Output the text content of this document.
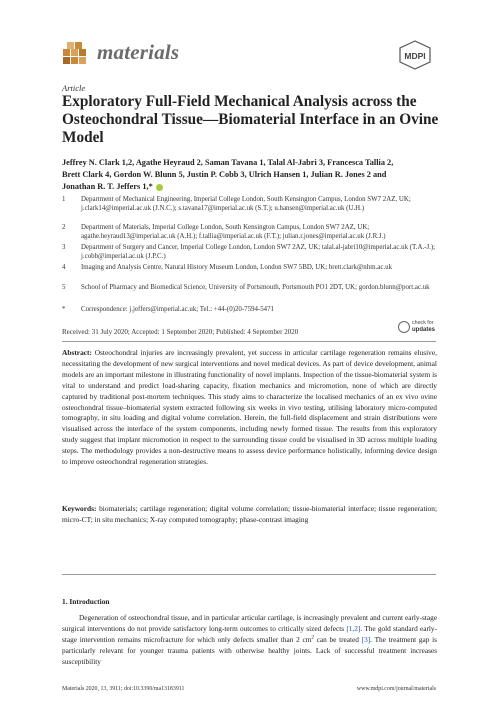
materials	MDPI
Article
Exploratory Full-Field Mechanical Analysis across the Osteochondral Tissue—Biomaterial Interface in an Ovine Model
Jeffrey N. Clark 1,2, Agathe Heyraud 2, Saman Tavana 1, Talal Al-Jabri 3, Francesca Tallia 2,
Brett Clark 4, Gordon W. Blunn 5, Justin P. Cobb 3, Ulrich Hansen 1, Julian R. Jones 2 and
Jonathan R. T. Jeffers 1,*
1	Department of Mechanical Engineering, Imperial College London, South Kensington Campus, London SW7 2AZ, UK; j.clark14@imperial.ac.uk (J.N.C.); s.tavana17@imperial.ac.uk (S.T.); u.hansen@imperial.ac.uk (U.H.)
2	Department of Materials, Imperial College London, South Kensington Campus, London SW7 2AZ, UK; agathe.heyraud13@imperial.ac.uk (A.H.); f.tallia@imperial.ac.uk (F.T.); julian.r.jones@imperial.ac.uk (J.R.J.)
3	Department of Surgery and Cancer, Imperial College London, London SW7 2AZ, UK; talal.al-jabri10@imperial.ac.uk (T.A.-J.); j.cobb@imperial.ac.uk (J.P.C.)
4	Imaging and Analysis Centre, Natural History Museum London, London SW7 5BD, UK; brett.clark@nhm.ac.uk
5	School of Pharmacy and Biomedical Science, University of Portsmouth, Portsmouth PO1 2DT, UK; gordon.blunn@port.ac.uk
*	Correspondence: j.jeffers@imperial.ac.uk; Tel.: +44-(0)20-7594-5471
Received: 31 July 2020; Accepted: 1 September 2020; Published: 4 September 2020
check for
updates
Abstract: Osteochondral injuries are increasingly prevalent, yet success in articular cartilage regeneration remains elusive, necessitating the development of new surgical interventions and novel medical devices. As part of device development, animal models are an important milestone in illustrating functionality of novel implants. Inspection of the tissue-biomaterial system is vital to understand and predict load-sharing capacity, fixation mechanics and micromotion, none of which are directly captured by traditional post-mortem techniques. This study aims to characterize the localised mechanics of an ex vivo ovine osteochondral tissue–biomaterial system extracted following six weeks in vivo testing, utilising laboratory micro-computed tomography, in situ loading and digital volume correlation. Herein, the full-field displacement and strain distributions were visualised across the interface of the system components, including newly formed tissue. The results from this exploratory study suggest that implant micromotion in respect to the surrounding tissue could be visualised in 3D across multiple loading steps. The methodology provides a non-destructive means to assess device performance holistically, informing device design to improve osteochondral regeneration strategies.
Keywords: biomaterials; cartilage regeneration; digital volume correlation; tissue-biomaterial interface; tissue regeneration; micro-CT; in situ mechanics; X-ray computed tomography; phase-contrast imaging
1. Introduction
Degeneration of osteochondral tissue, and in particular articular cartilage, is increasingly prevalent and current early-stage surgical interventions do not provide satisfactory long-term outcomes to critically sized defects [1,2]. The gold standard early-stage intervention remains microfracture for which only defects smaller than 2 $cm^2$ can be treated [3]. The treatment gap is particularly relevant for younger trauma patients with otherwise healthy joints. Lack of successful treatment increases susceptibility
Materials 2020, 13, 3911; doi:10.3390/ma13183911	www.mdpi.com/journal/materials
